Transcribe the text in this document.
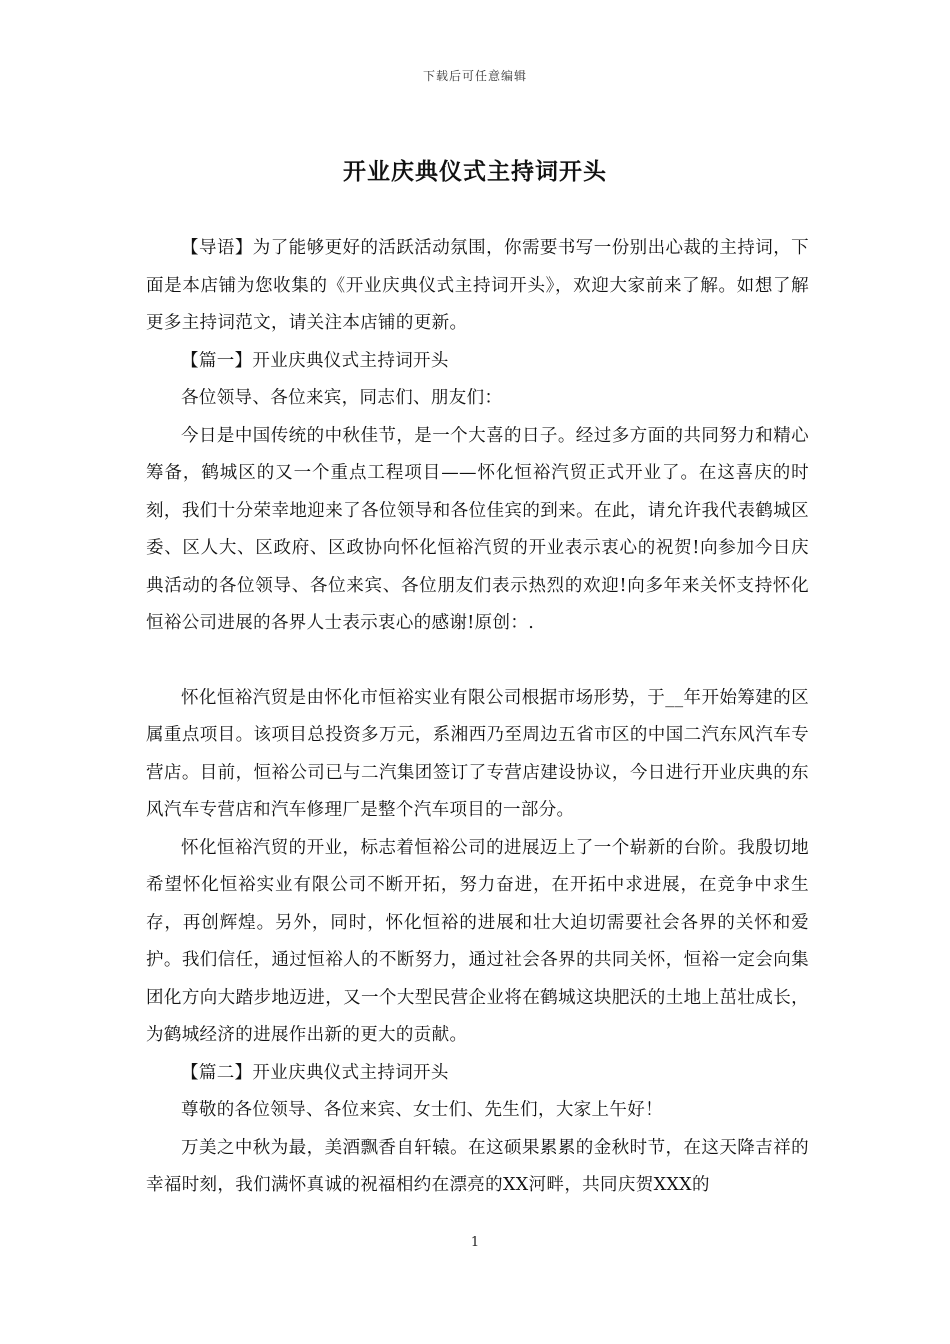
下载后可任意编辑
开业庆典仪式主持词开头

【导语】为了能够更好的活跃活动氛围，你需要书写一份别出心裁的主持词，下面是本店铺为您收集的《开业庆典仪式主持词开头》，欢迎大家前来了解。如想了解更多主持词范文，请关注本店铺的更新。

【篇一】开业庆典仪式主持词开头

各位领导、各位来宾，同志们、朋友们：

今日是中国传统的中秋佳节，是一个大喜的日子。经过多方面的共同努力和精心筹备，鹤城区的又一个重点工程项目——怀化恒裕汽贸正式开业了。在这喜庆的时刻，我们十分荣幸地迎来了各位领导和各位佳宾的到来。在此，请允许我代表鹤城区委、区人大、区政府、区政协向怀化恒裕汽贸的开业表示衷心的祝贺!向参加今日庆典活动的各位领导、各位来宾、各位朋友们表示热烈的欢迎!向多年来关怀支持怀化恒裕公司进展的各界人士表示衷心的感谢!原创：.

怀化恒裕汽贸是由怀化市恒裕实业有限公司根据市场形势，于__年开始筹建的区属重点项目。该项目总投资多万元，系湘西乃至周边五省市区的中国二汽东风汽车专营店。目前，恒裕公司已与二汽集团签订了专营店建设协议，今日进行开业庆典的东风汽车专营店和汽车修理厂是整个汽车项目的一部分。

怀化恒裕汽贸的开业，标志着恒裕公司的进展迈上了一个崭新的台阶。我殷切地希望怀化恒裕实业有限公司不断开拓，努力奋进，在开拓中求进展，在竞争中求生存，再创辉煌。另外，同时，怀化恒裕的进展和壮大迫切需要社会各界的关怀和爱护。我们信任，通过恒裕人的不断努力，通过社会各界的共同关怀，恒裕一定会向集团化方向大踏步地迈进，又一个大型民营企业将在鹤城这块肥沃的土地上茁壮成长，为鹤城经济的进展作出新的更大的贡献。

【篇二】开业庆典仪式主持词开头

尊敬的各位领导、各位来宾、女士们、先生们，大家上午好！

万美之中秋为最，美酒飘香自轩辕。在这硕果累累的金秋时节，在这天降吉祥的幸福时刻，我们满怀真诚的祝福相约在漂亮的XX河畔，共同庆贺XXX的

1
